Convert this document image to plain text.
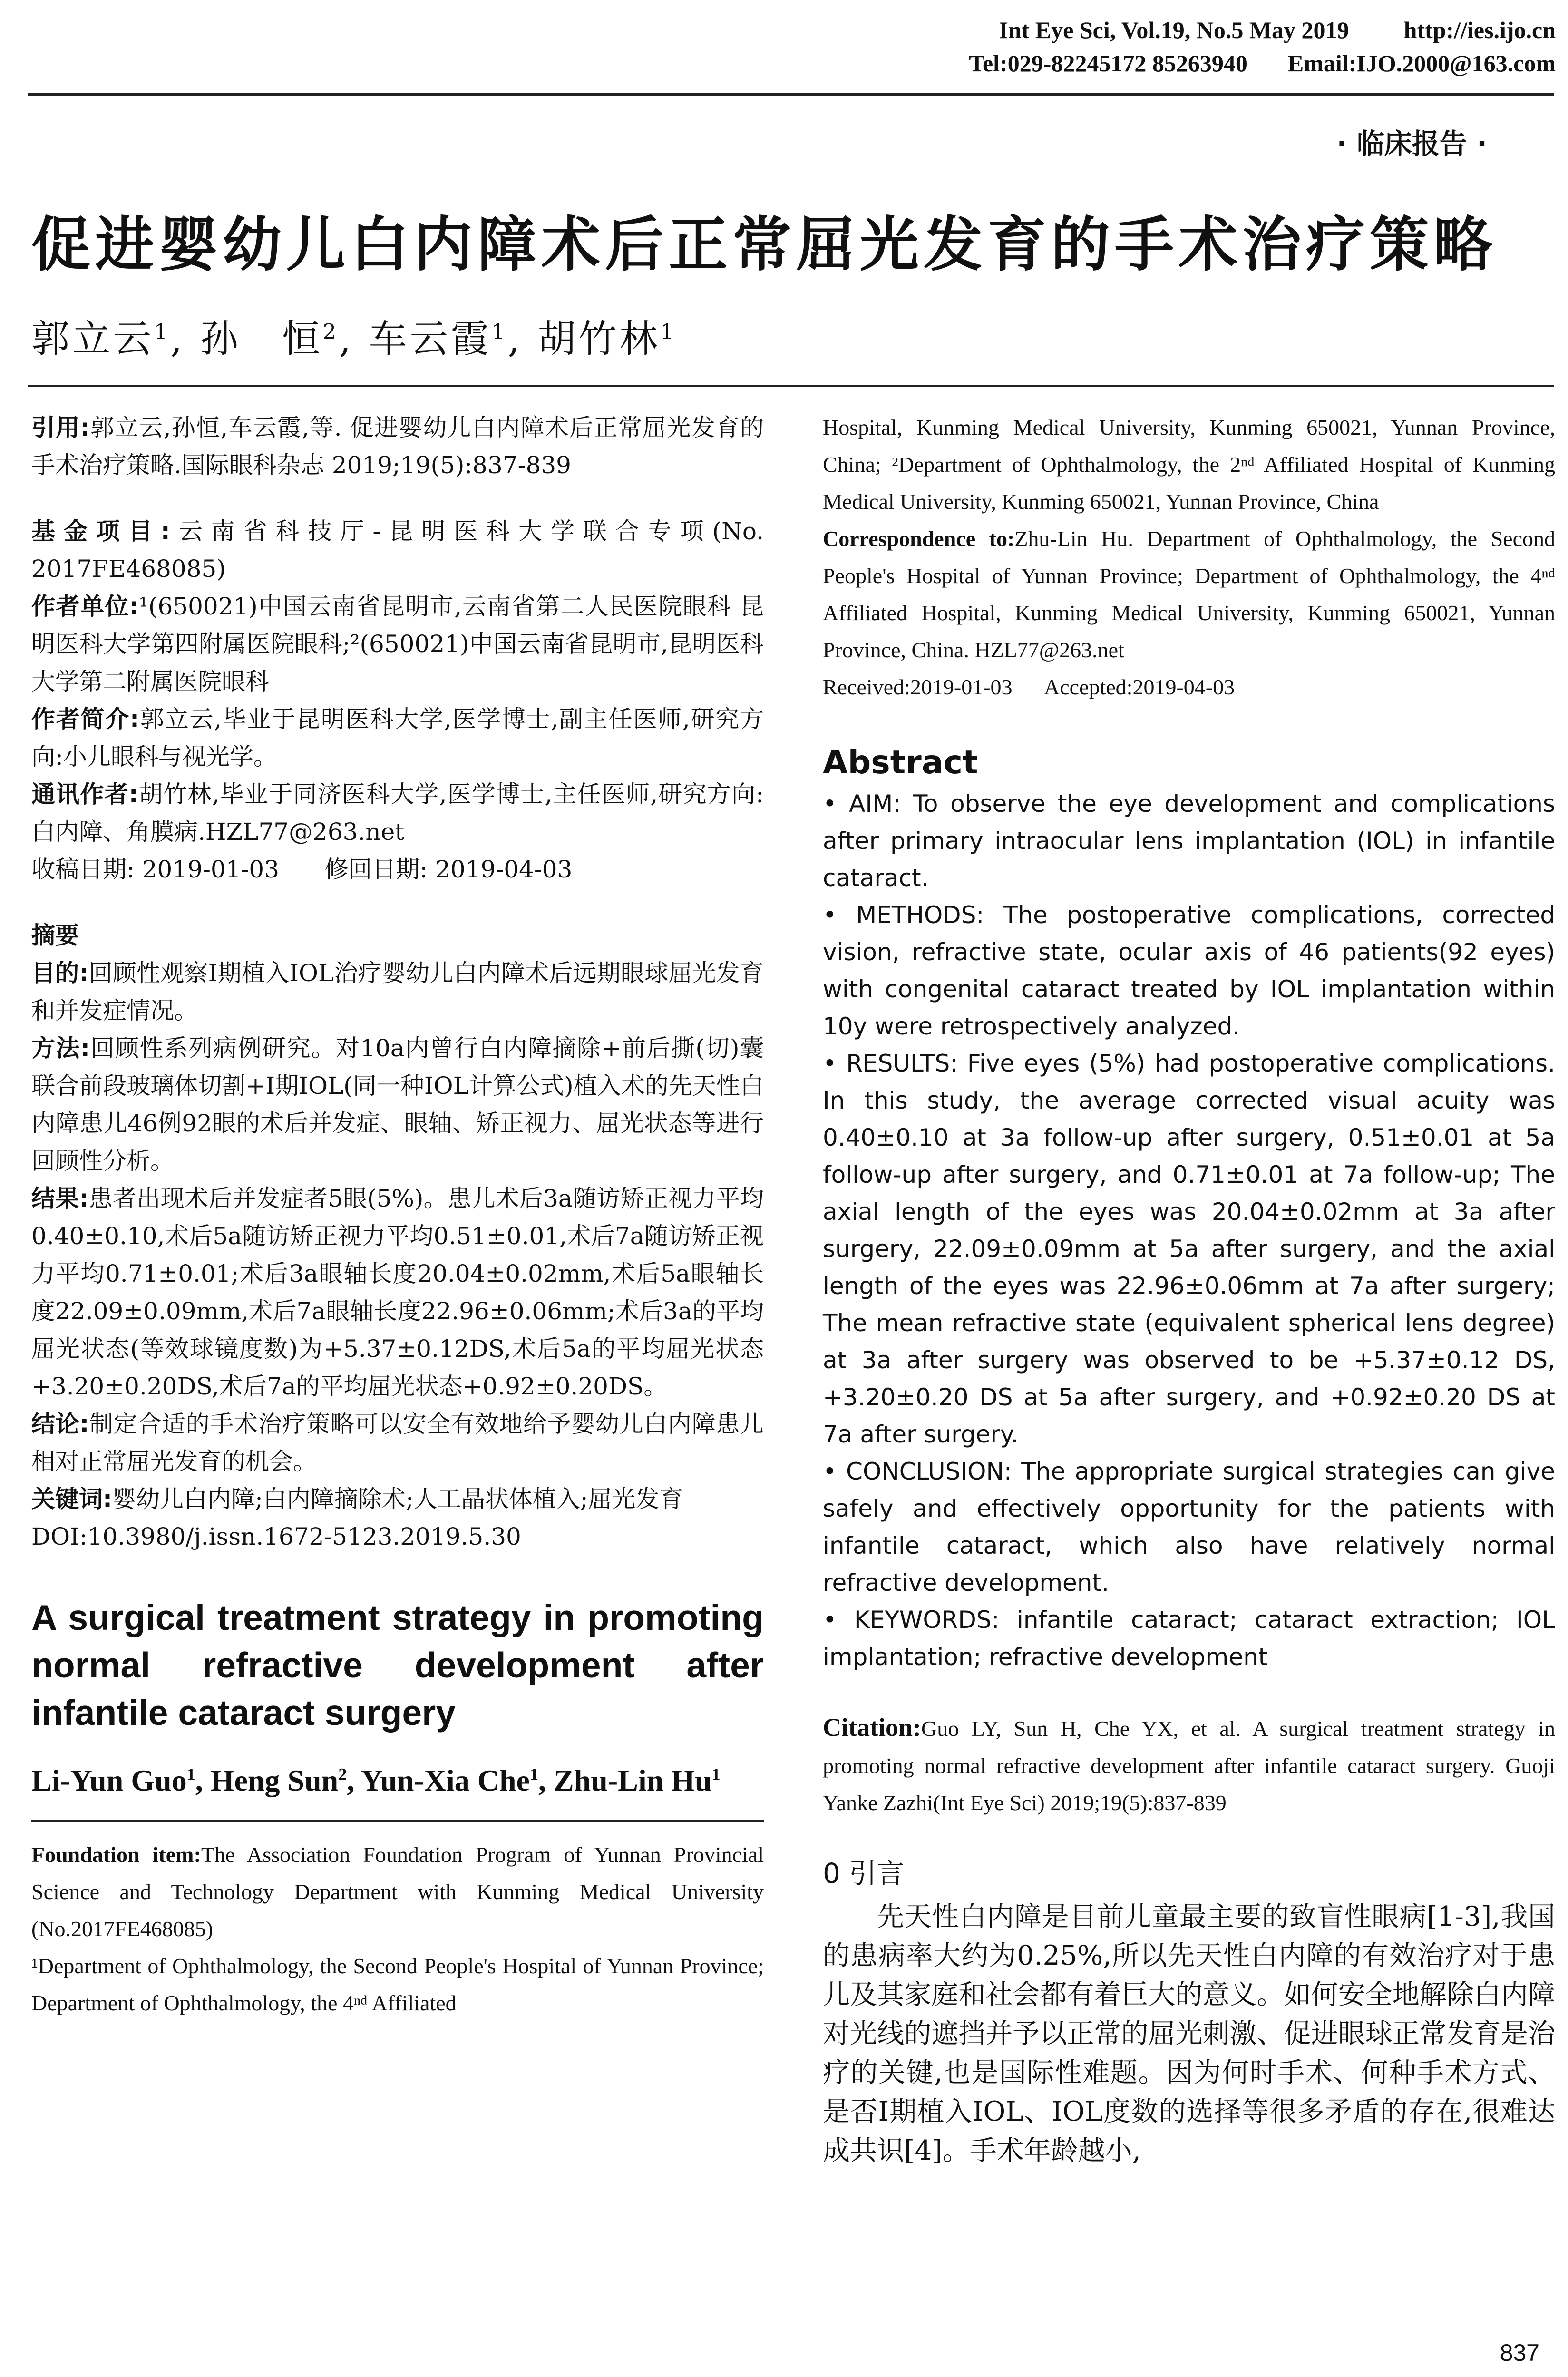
Int Eye Sci, Vol.19, No.5 May 2019 http://ies.ijo.cn
Tel:029-82245172 85263940 Email:IJO.2000@163.com
· 临床报告 ·
促进婴幼儿白内障术后正常屈光发育的手术治疗策略
郭立云$^1$, 孙　恒$^2$, 车云霞$^1$, 胡竹林$^1$

引用:郭立云,孙恒,车云霞,等. 促进婴幼儿白内障术后正常屈光发育的手术治疗策略.国际眼科杂志 2019;19(5):837-839

基金项目:云南省科技厅-昆明医科大学联合专项(No. 2017FE468085)

作者单位:¹(650021)中国云南省昆明市,云南省第二人民医院眼科 昆明医科大学第四附属医院眼科;²(650021)中国云南省昆明市,昆明医科大学第二附属医院眼科

作者简介:郭立云,毕业于昆明医科大学,医学博士,副主任医师,研究方向:小儿眼科与视光学。

通讯作者:胡竹林,毕业于同济医科大学,医学博士,主任医师,研究方向:白内障、角膜病.HZL77@263.net

收稿日期: 2019-01-03      修回日期: 2019-04-03

摘要

目的:回顾性观察Ⅰ期植入IOL治疗婴幼儿白内障术后远期眼球屈光发育和并发症情况。

方法:回顾性系列病例研究。对10a内曾行白内障摘除+前后撕(切)囊联合前段玻璃体切割+Ⅰ期IOL(同一种IOL计算公式)植入术的先天性白内障患儿46例92眼的术后并发症、眼轴、矫正视力、屈光状态等进行回顾性分析。

结果:患者出现术后并发症者5眼(5%)。患儿术后3a随访矫正视力平均0.40±0.10,术后5a随访矫正视力平均0.51±0.01,术后7a随访矫正视力平均0.71±0.01;术后3a眼轴长度20.04±0.02mm,术后5a眼轴长度22.09±0.09mm,术后7a眼轴长度22.96±0.06mm;术后3a的平均屈光状态(等效球镜度数)为+5.37±0.12DS,术后5a的平均屈光状态+3.20±0.20DS,术后7a的平均屈光状态+0.92±0.20DS。

结论:制定合适的手术治疗策略可以安全有效地给予婴幼儿白内障患儿相对正常屈光发育的机会。

关键词:婴幼儿白内障;白内障摘除术;人工晶状体植入;屈光发育

DOI:10.3980/j.issn.1672-5123.2019.5.30

A surgical treatment strategy in promoting normal refractive development after infantile cataract surgery
Li-Yun Guo$^1$, Heng Sun$^2$, Yun-Xia Che$^1$, Zhu-Lin Hu$^1$

Foundation item:The Association Foundation Program of Yunnan Provincial Science and Technology Department with Kunming Medical University (No.2017FE468085)

¹Department of Ophthalmology, the Second People's Hospital of Yunnan Province; Department of Ophthalmology, the 4ⁿᵈ Affiliated

Hospital, Kunming Medical University, Kunming 650021, Yunnan Province, China; ²Department of Ophthalmology, the 2ⁿᵈ Affiliated Hospital of Kunming Medical University, Kunming 650021, Yunnan Province, China

Correspondence to:Zhu-Lin Hu. Department of Ophthalmology, the Second People's Hospital of Yunnan Province; Department of Ophthalmology, the 4ⁿᵈ Affiliated Hospital, Kunming Medical University, Kunming 650021, Yunnan Province, China. HZL77@263.net

Received:2019-01-03      Accepted:2019-04-03

Abstract

• AIM: To observe the eye development and complications after primary intraocular lens implantation (IOL) in infantile cataract.

• METHODS: The postoperative complications, corrected vision, refractive state, ocular axis of 46 patients(92 eyes) with congenital cataract treated by IOL implantation within 10y were retrospectively analyzed.

• RESULTS: Five eyes (5%) had postoperative complications. In this study, the average corrected visual acuity was 0.40±0.10 at 3a follow-up after surgery, 0.51±0.01 at 5a follow-up after surgery, and 0.71±0.01 at 7a follow-up; The axial length of the eyes was 20.04±0.02mm at 3a after surgery, 22.09±0.09mm at 5a after surgery, and the axial length of the eyes was 22.96±0.06mm at 7a after surgery; The mean refractive state (equivalent spherical lens degree) at 3a after surgery was observed to be +5.37±0.12 DS, +3.20±0.20 DS at 5a after surgery, and +0.92±0.20 DS at 7a after surgery.

• CONCLUSION: The appropriate surgical strategies can give safely and effectively opportunity for the patients with infantile cataract, which also have relatively normal refractive development.

• KEYWORDS: infantile cataract; cataract extraction; IOL implantation; refractive development

Citation:Guo LY, Sun H, Che YX, et al. A surgical treatment strategy in promoting normal refractive development after infantile cataract surgery. Guoji Yanke Zazhi(Int Eye Sci) 2019;19(5):837-839

0 引言

先天性白内障是目前儿童最主要的致盲性眼病[1-3],我国的患病率大约为0.25%,所以先天性白内障的有效治疗对于患儿及其家庭和社会都有着巨大的意义。如何安全地解除白内障对光线的遮挡并予以正常的屈光刺激、促进眼球正常发育是治疗的关键,也是国际性难题。因为何时手术、何种手术方式、是否Ⅰ期植入IOL、IOL度数的选择等很多矛盾的存在,很难达成共识[4]。手术年龄越小,

837
